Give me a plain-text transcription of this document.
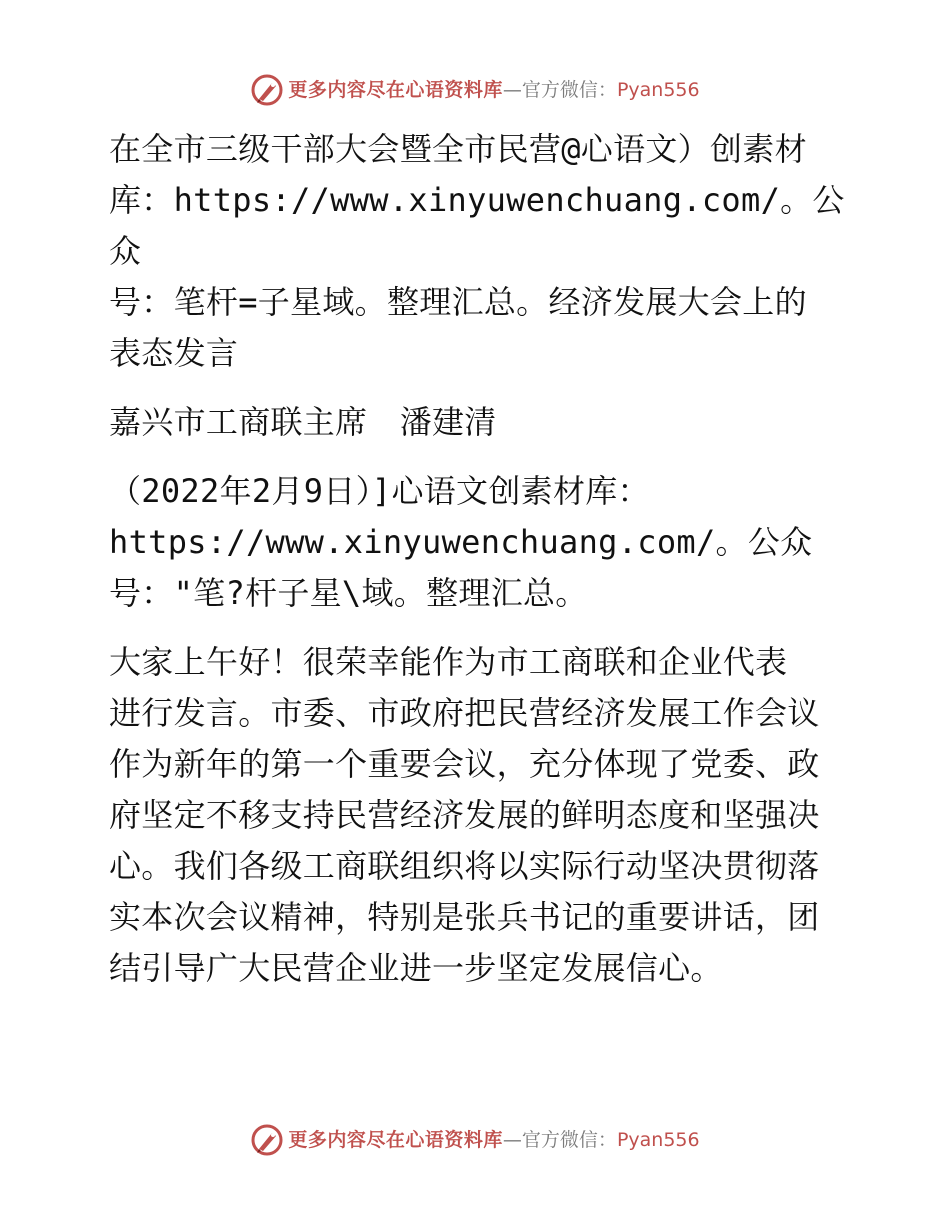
更多内容尽在心语资料库 —官方微信： Pyan556
在全市三级干部大会暨全市民营@心语文）创素材
库：https://www.xinyuwenchuang.com/。公众
号：笔杆=子星域。整理汇总。经济发展大会上的
表态发言
嘉兴市工商联主席　潘建清
（2022年2月9日）]心语文创素材库：
https://www.xinyuwenchuang.com/。公众
号："笔?杆子星\域。整理汇总。
大家上午好！很荣幸能作为市工商联和企业代表
进行发言。市委、市政府把民营经济发展工作会议
作为新年的第一个重要会议，充分体现了党委、政
府坚定不移支持民营经济发展的鲜明态度和坚强决
心。我们各级工商联组织将以实际行动坚决贯彻落
实本次会议精神，特别是张兵书记的重要讲话，团
结引导广大民营企业进一步坚定发展信心。
更多内容尽在心语资料库 —官方微信： Pyan556
